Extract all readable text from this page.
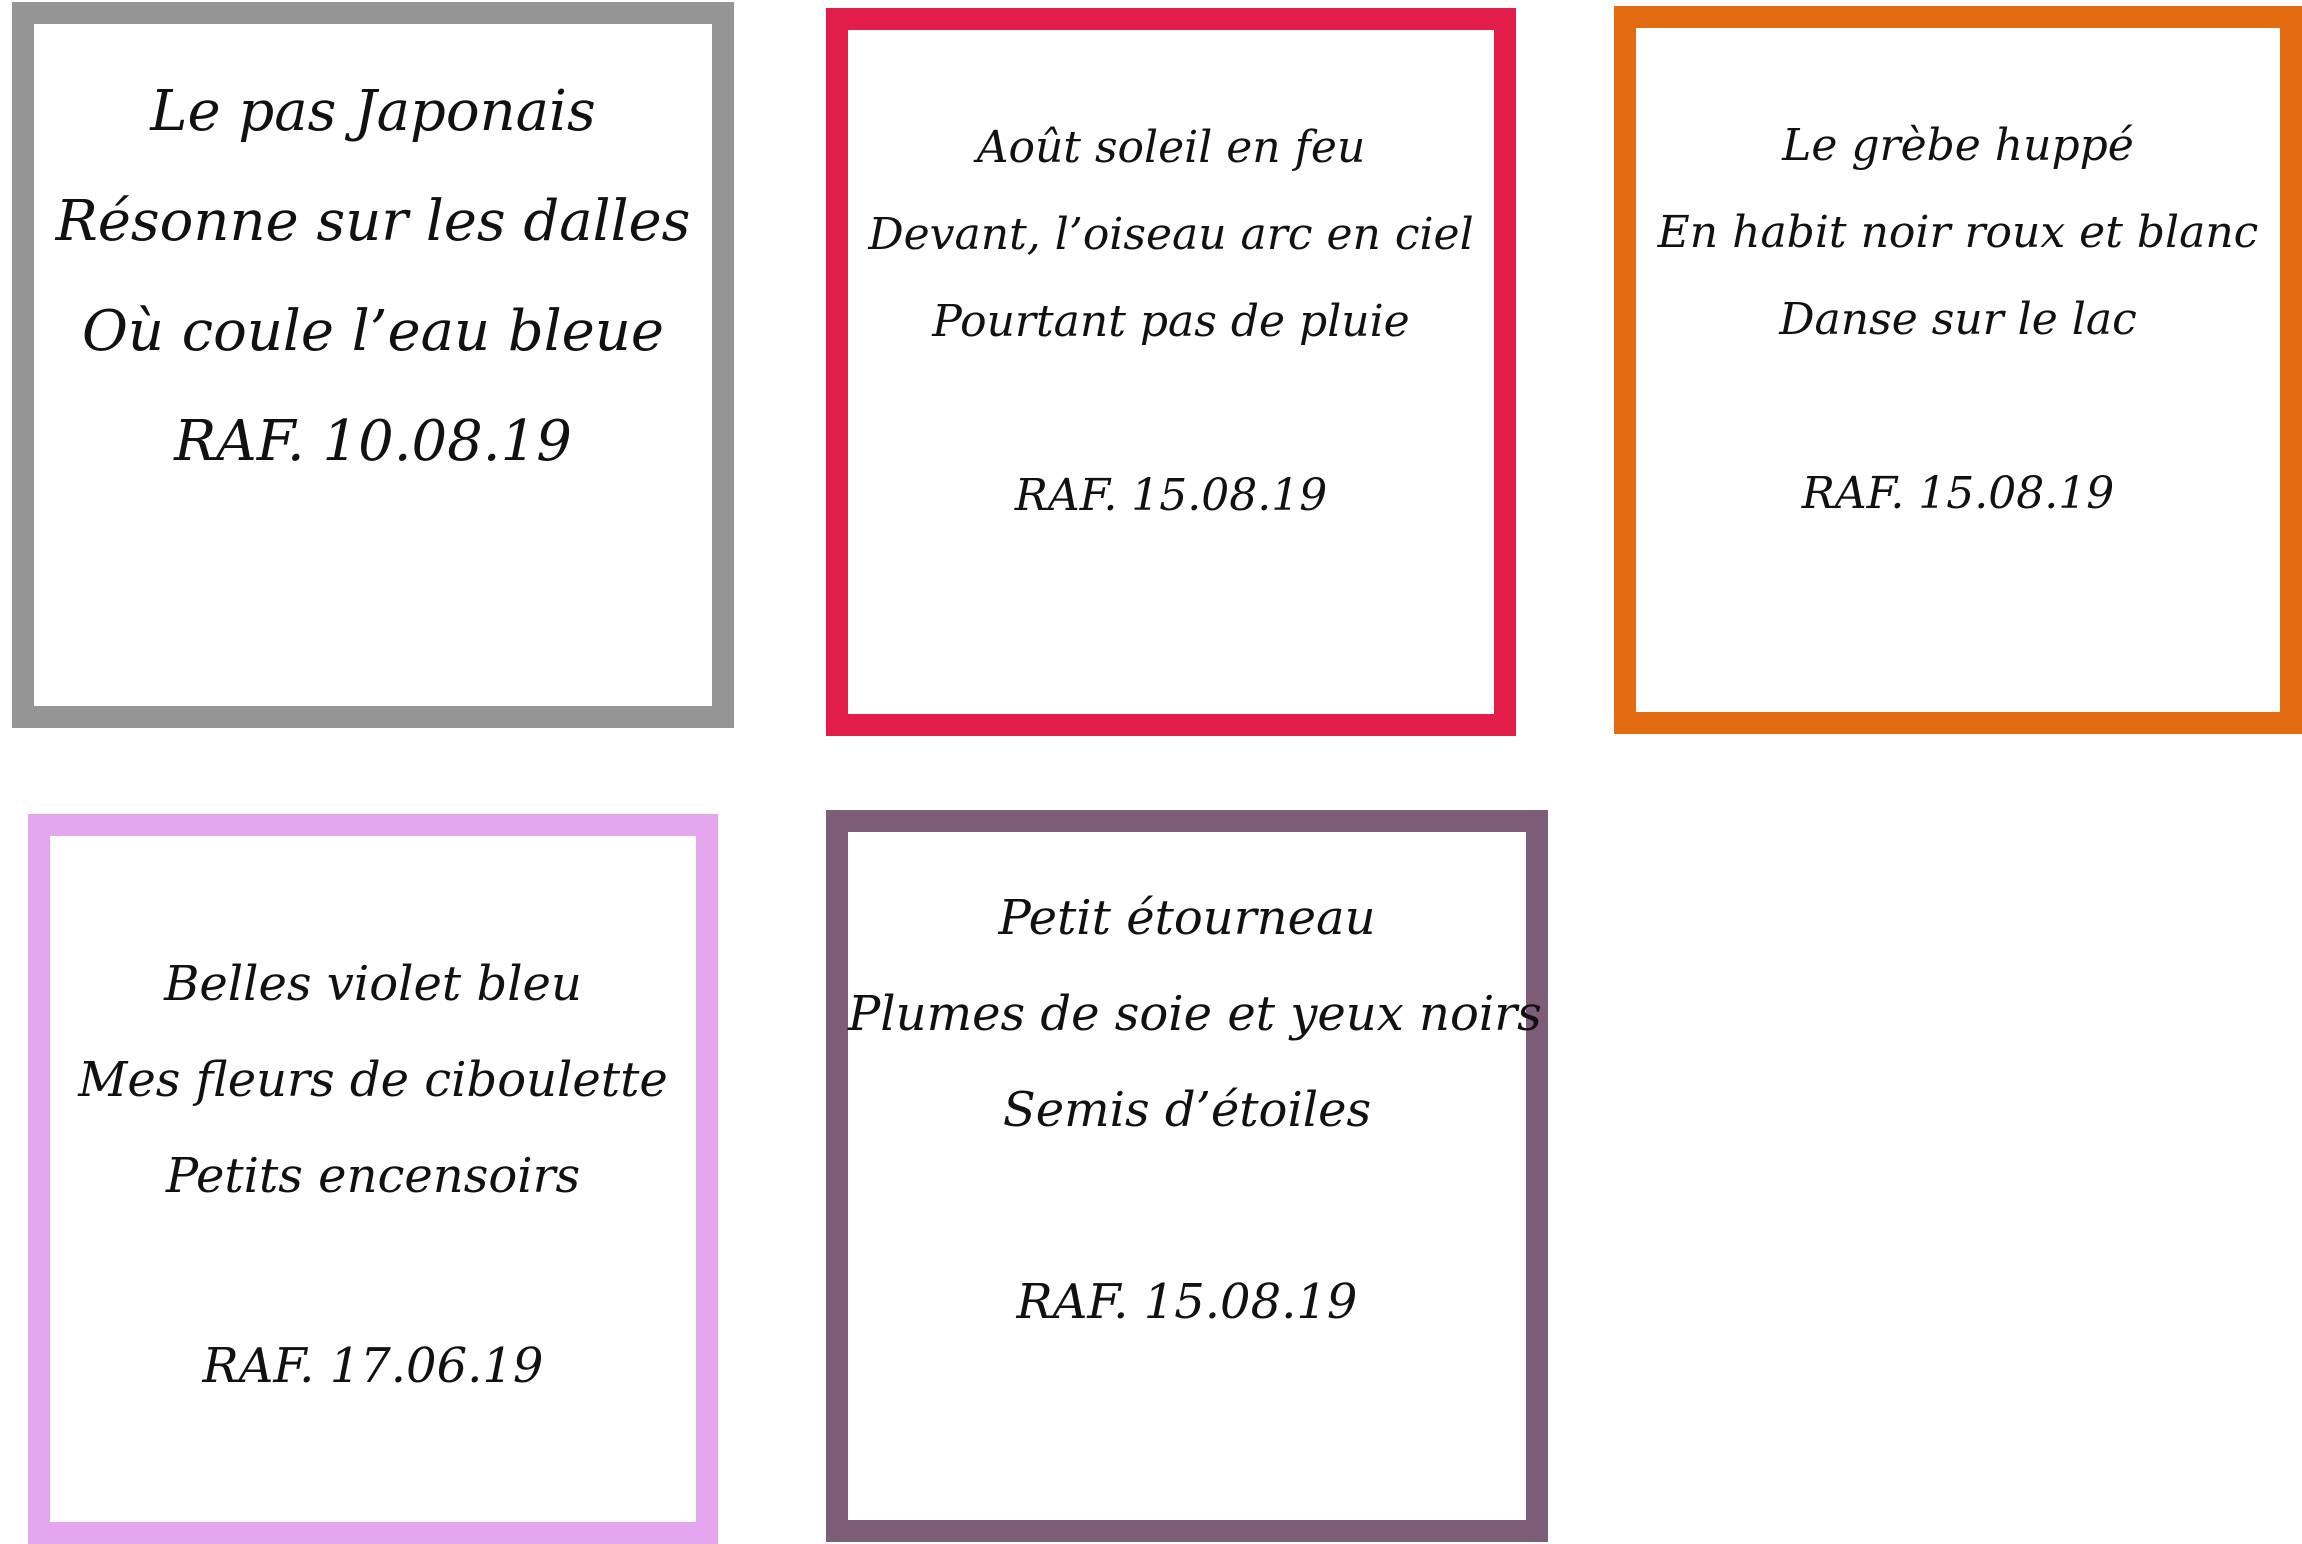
Le pas Japonais
Résonne sur les dalles
Où coule l’eau bleue
RAF. 10.08.19
Août soleil en feu
Devant, l’oiseau arc en ciel
Pourtant pas de pluie
RAF. 15.08.19
Le grèbe huppé
En habit noir roux et blanc
Danse sur le lac
RAF. 15.08.19
Belles violet bleu
Mes fleurs de ciboulette
Petits encensoirs
RAF. 17.06.19
Petit étourneau
Plumes de soie et yeux noirs
Semis d’étoiles
RAF. 15.08.19
